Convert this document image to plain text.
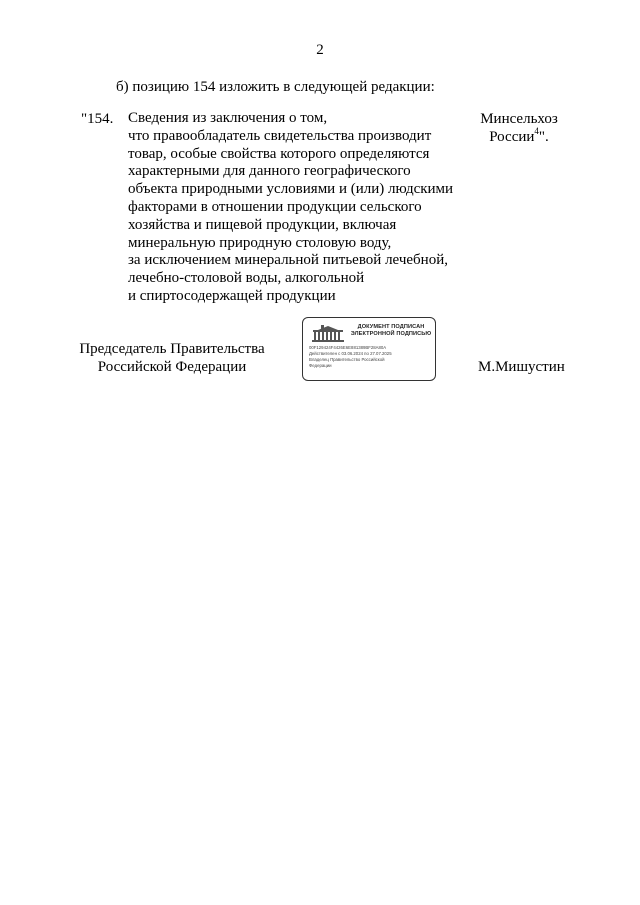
2
б) позицию 154 изложить в следующей редакции:
"154. Сведения из заключения о том,
что правообладатель свидетельства производит
товар, особые свойства которого определяются
характерными для данного географического
объекта природными условиями и (или) людскими
факторами в отношении продукции сельского
хозяйства и пищевой продукции, включая
минеральную природную столовую воду,
за исключением минеральной питьевой лечебной,
лечебно-столовой воды, алкогольной
и спиртосодержащей продукции
Минсельхоз
России$^4$".
Председатель Правительства
Российской Федерации
ДОКУМЕНТ ПОДПИСАН
ЭЛЕКТРОННОЙ ПОДПИСЬЮ
00F129424F4426E6E881389BF28A80A
Действителен с 03.06.2024 по 27.07.2025
Владелец Правительство Российской
Федерации	М.Мишустин
